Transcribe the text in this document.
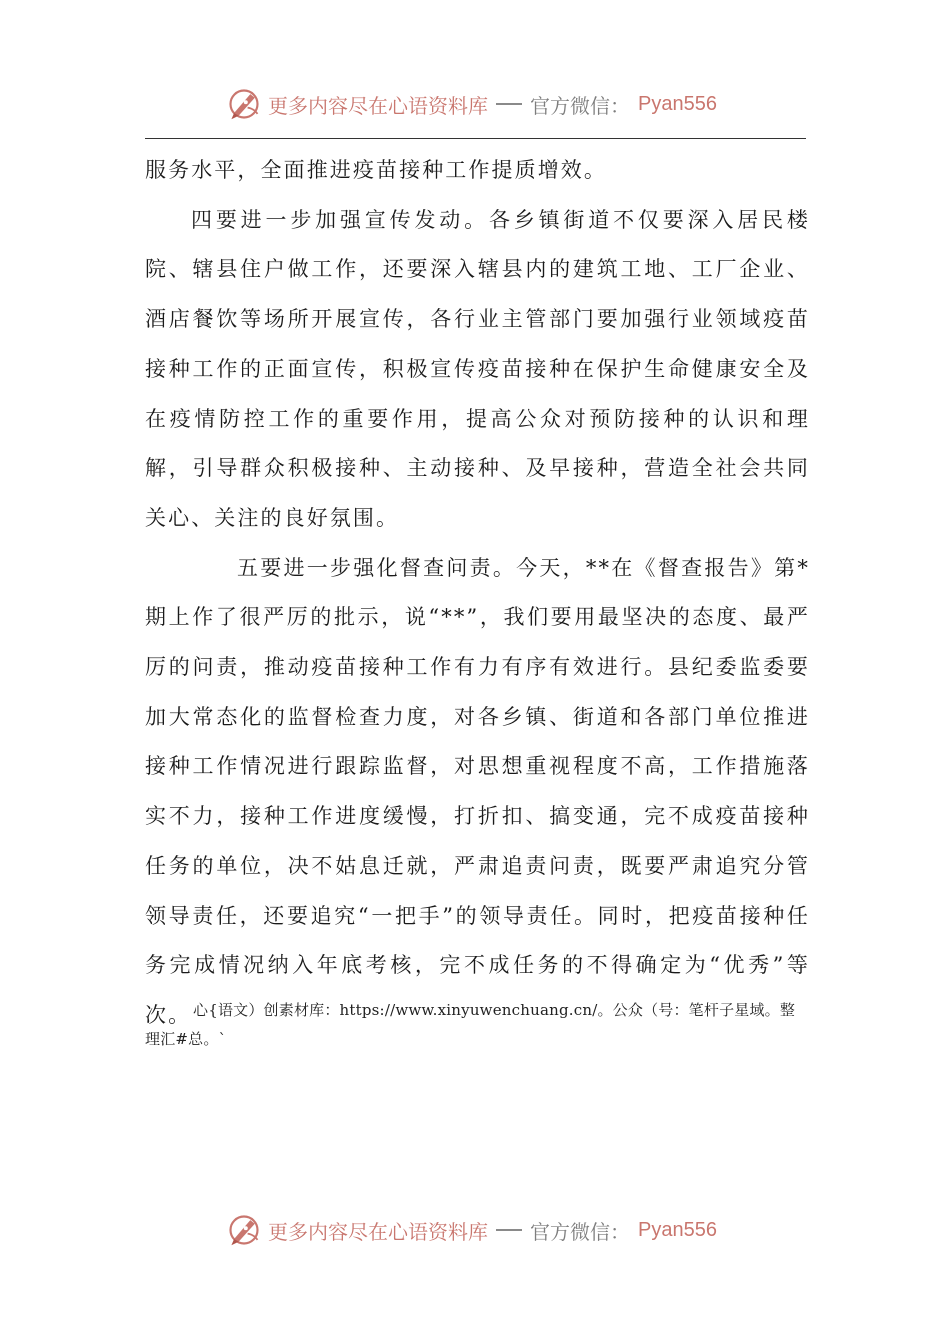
更多内容尽在心语资料库 官方微信： Pyan556

服务水平，全面推进疫苗接种工作提质增效。

四要进一步加强宣传发动。各乡镇街道不仅要深入居民楼院、辖县住户做工作，还要深入辖县内的建筑工地、工厂企业、酒店餐饮等场所开展宣传，各行业主管部门要加强行业领域疫苗接种工作的正面宣传，积极宣传疫苗接种在保护生命健康安全及在疫情防控工作的重要作用，提高公众对预防接种的认识和理解，引导群众积极接种、主动接种、及早接种，营造全社会共同关心、关注的良好氛围。

五要进一步强化督查问责。今天，**在《督查报告》第*期上作了很严厉的批示，说“**”，我们要用最坚决的态度、最严厉的问责，推动疫苗接种工作有力有序有效进行。县纪委监委要加大常态化的监督检查力度，对各乡镇、街道和各部门单位推进接种工作情况进行跟踪监督，对思想重视程度不高，工作措施落实不力，接种工作进度缓慢，打折扣、搞变通，完不成疫苗接种任务的单位，决不姑息迁就，严肃追责问责，既要严肃追究分管领导责任，还要追究“一把手”的领导责任。同时，把疫苗接种任务完成情况纳入年底考核，完不成任务的不得确定为“优秀”等次。 心{语文）创素材库：https://www.xinyuwenchuang.cn/。公众（号：笔杆子星域。整理汇#总。`
更多内容尽在心语资料库 官方微信： Pyan556
